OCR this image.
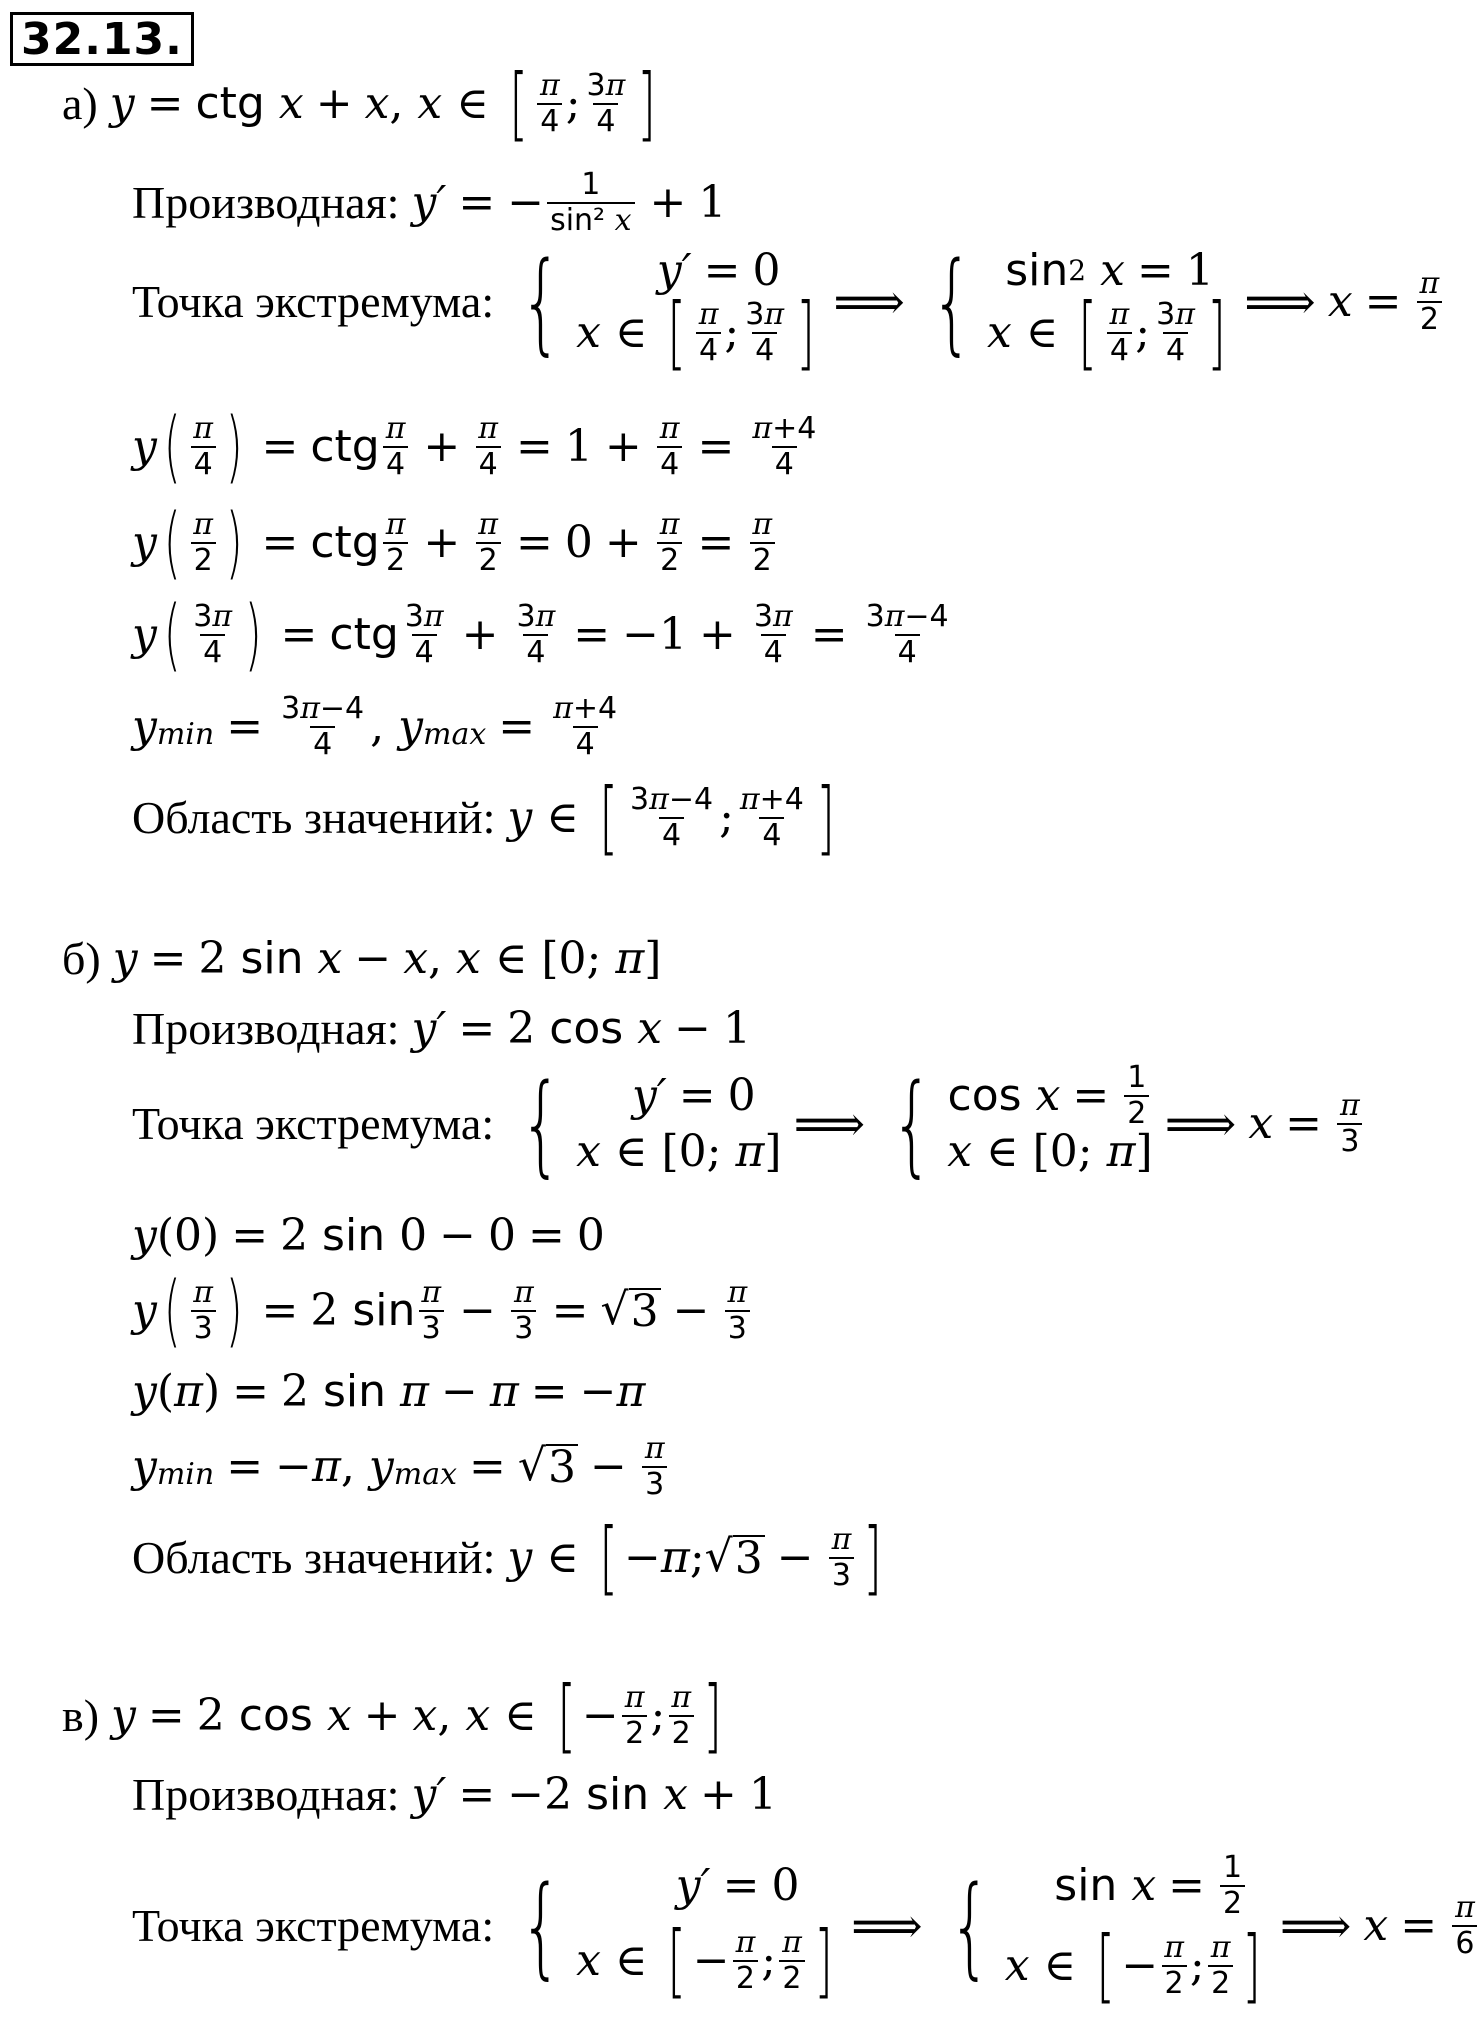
32.13.
а) y = ctg
x + x , x ∈ [ $\frac{\pi}{4}$ ; $\frac{3\pi}{4}$ ]
Производная: y′ = − $\frac{1}{\text{sin² x}} + 1$
Точка экстремума: { y′ = 0
x ∈ [ $\frac{\pi}{4}$ ; $\frac{3\pi}{4}$ ] ⟹ { sin 2
x = 1
x ∈ [ $\frac{\pi}{4}$ ; $\frac{3\pi}{4}$ ] ⟹ $x = \frac{\pi}{2}$
y ( $\frac{\pi}{4}$ ) = ctg $\frac{\pi}{4} + \frac{\pi}{4} = 1 + \frac{\pi}{4} = \frac{\pi+4}{4}$
y ( $\frac{\pi}{2}$ ) = ctg $\frac{\pi}{2} + \frac{\pi}{2} = 0 + \frac{\pi}{2} = \frac{\pi}{2}$
y ( $\frac{3\pi}{4}$ ) = ctg $\frac{3\pi}{4} + \frac{3\pi}{4} = -1 + \frac{3\pi}{4} = \frac{3\pi-4}{4}$
y $\min = \frac{3\pi-4}{4}$ , y $\max = \frac{\pi+4}{4}$
Область значений: y ∈ [ $\frac{3\pi-4}{4}$ ; $\frac{\pi+4}{4}$ ]
б) y = 2 sin
x − x , x ∈ [0; π ]
Производная: y′ = 2 cos
x − 1
Точка экстремума: { y′ = 0
x ∈ [0; π ] ⟹ { cos
$x = \frac{1}{2}$
x ∈ [0; π ] ⟹ $x = \frac{\pi}{3}$
y (0) = 2 sin 0 − 0 = 0
y ( $\frac{\pi}{3}$ ) = 2 $\sin \frac{\pi}{3} - \frac{\pi}{3}$ = √ $3 - \frac{\pi}{3}$
y ( π ) = 2 sin
π − π = − π
y min = − π , y max = √ $3 - \frac{\pi}{3}$
Область значений: y ∈ [ − π ; √ $3 - \frac{\pi}{3}$ ]
в) y = 2 cos
x + x , x ∈ [ − $\frac{\pi}{2}$ ; $\frac{\pi}{2}$ ]
Производная: y′ = −2 sin
x + 1
Точка экстремума: {	y′ = 0
x ∈ [ − $\frac{\pi}{2}$ ; $\frac{\pi}{2}$ ] ⟹ { sin
$x = \frac{1}{2}$
x ∈ [ − $\frac{\pi}{2}$ ; $\frac{\pi}{2}$ ] ⟹ $x = \frac{\pi}{6}$
